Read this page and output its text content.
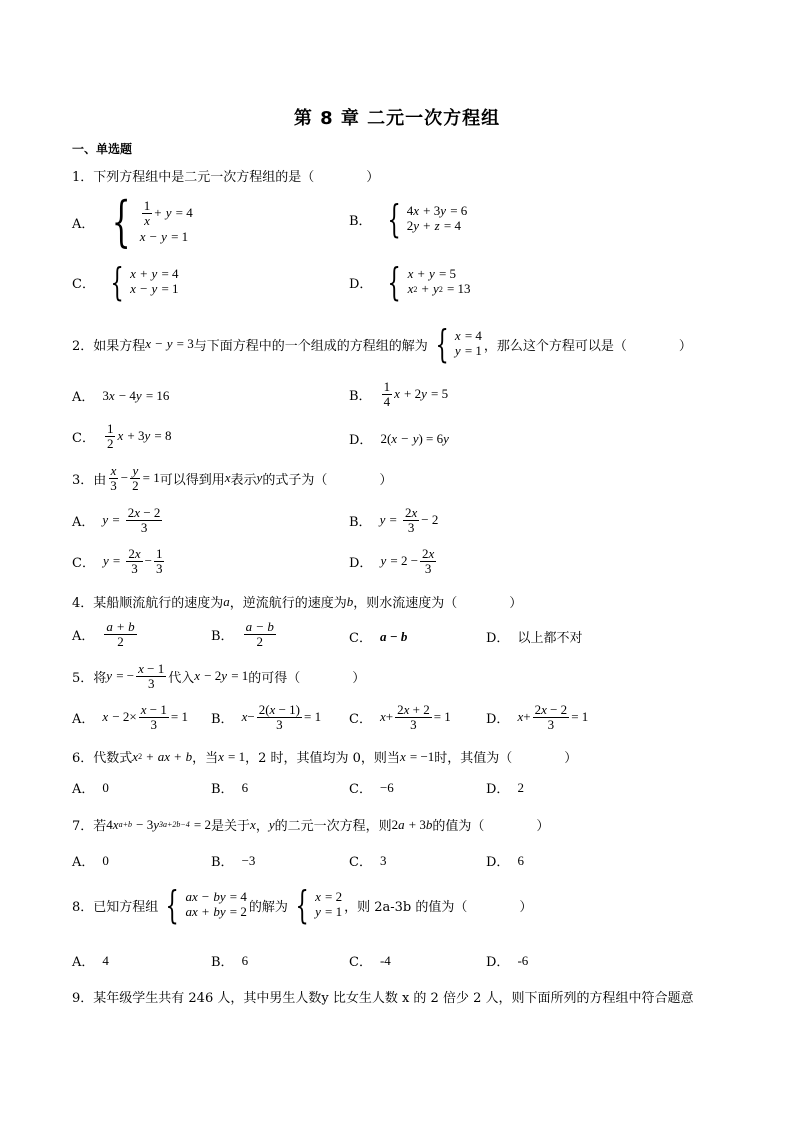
第 8 章 二元一次方程组
一、单选题
1．下列方程组中是二元一次方程组的是（　　　　）
A． { $\frac{1}{x}$ +
y
= 4
x
−
y
= 1
B． { 4 x
+ 3 y
= 6
2 y
+
z
= 4
C． { x
+
y
= 4
x
−
y
= 1	D． { x
+
y
= 5
x 2
+
y 2
= 13
2．如果方程 x
−
y
= 3 与下面方程中的一个组成的方程组的解为 { x
= 4
y
= 1 ，那么这个方程可以是（　　　　）
A． 3 x
− 4 y
= 16	B． $\frac{1}{4}$ x
+ 2 y
= 5
C． $\frac{1}{2}$ x
+ 3 y
= 8	D． 2( x
−
y ) = 6 y
3．由 $\frac{x}{3} - \frac{y}{2} = 1$ 可以得到用 x 表示 y 的式子为（　　　　）
A． y
=
$\frac{2x - 2}{3}$	B． y
=
$\frac{2x}{3} - 2$
C． y
=
$\frac{2x}{3} - \frac{1}{3}$	D． y
= $2 - \frac{2x}{3}$
4．某船顺流航行的速度为 a ，逆流航行的速度为 b ，则水流速度为（　　　　）
A． $\frac{a + b}{2}$	B． $\frac{a - b}{2}$	C． a − b	D． 以上都不对
5．将 y
= − $\frac{x - 1}{3}$ 代入 x
− 2 y
= 1 的可得（　　　　）
A． x
− $2\times \frac{x - 1}{3} = 1$ B． $x - \frac{2(x - 1)}{3} = 1$ C． $x + \frac{2x + 2}{3} = 1$	D． $x + \frac{2x - 2}{3} = 1$
6．代数式 x 2
+
ax
+
b ，当 x
= 1 ，2 时，其值均为 0，则当 x
= −1 时，其值为（　　　　）
A． 0	B． 6	C． −6	D． 2
7．若 4 x a+b
− 3 y 3a+2b−4
= 2 是关于 x ， y 的二元一次方程，则 2 a
+ 3 b 的值为（　　　　）
A． 0	B． −3	C． 3	D． 6
8．已知方程组 { ax
−
by
= 4
ax
+
by
= 2 的解为 { x
= 2
y
= 1 ，则 2a-3b 的值为（　　　　）
A． 4	B． 6	C． -4	D． -6
9．某年级学生共有 246 人，其中男生人数y 比女生人数 x 的 2 倍少 2 人，则下面所列的方程组中符合题意
